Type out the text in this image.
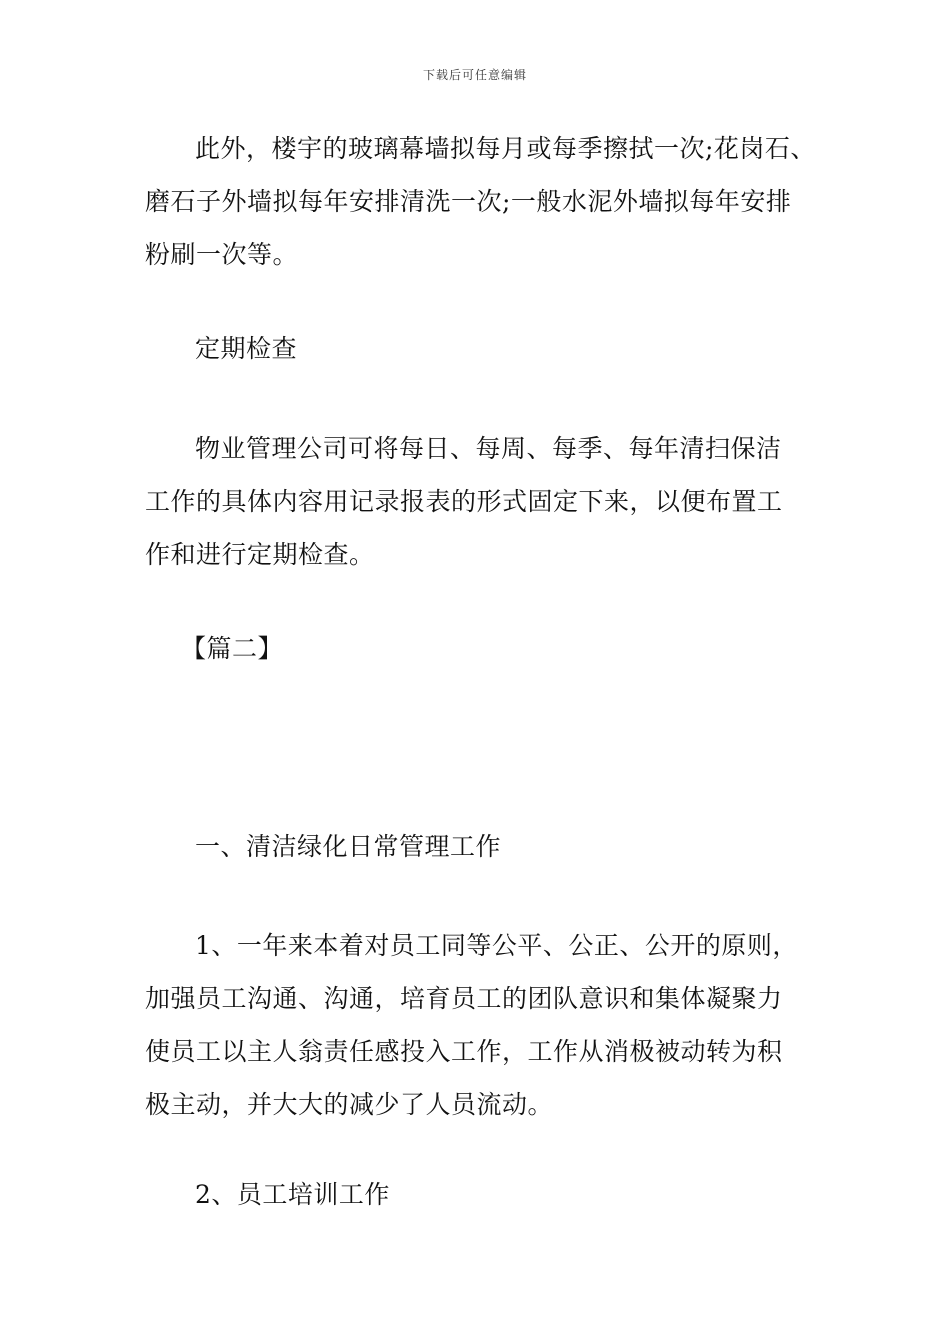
下载后可任意编辑
此外，楼宇的玻璃幕墙拟每月或每季擦拭一次;花岗石、
磨石子外墙拟每年安排清洗一次;一般水泥外墙拟每年安排
粉刷一次等。
定期检查
物业管理公司可将每日、每周、每季、每年清扫保洁
工作的具体内容用记录报表的形式固定下来，以便布置工
作和进行定期检查。
【篇二】
一、清洁绿化日常管理工作
1、一年来本着对员工同等公平、公正、公开的原则，
加强员工沟通、沟通，培育员工的团队意识和集体凝聚力
使员工以主人翁责任感投入工作，工作从消极被动转为积
极主动，并大大的减少了人员流动。
2、员工培训工作
